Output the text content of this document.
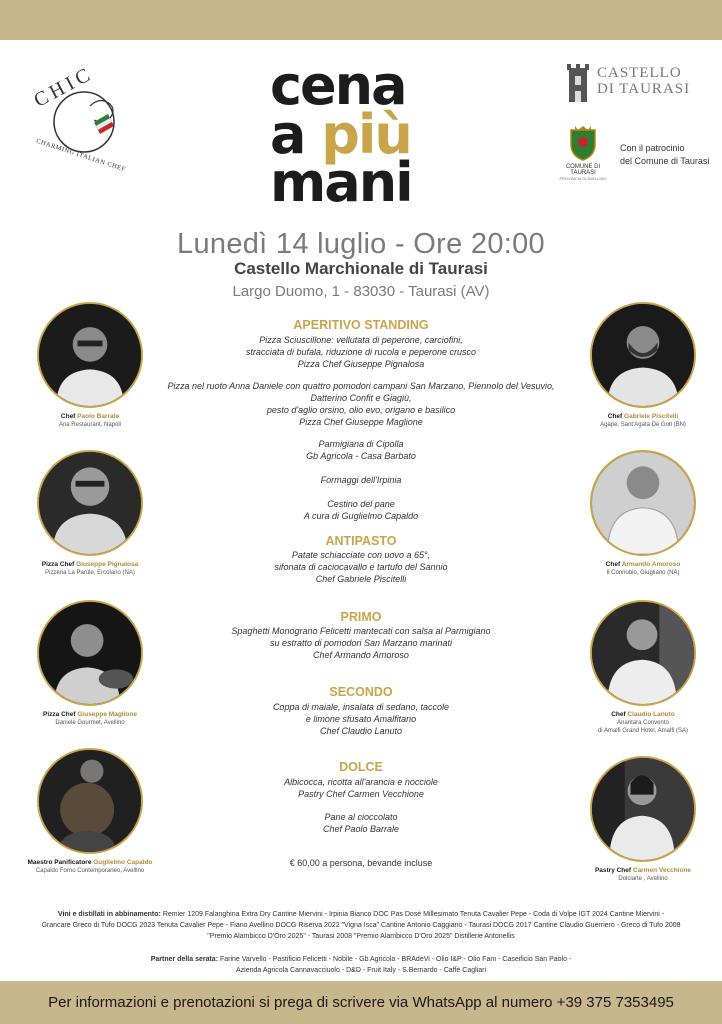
CHIC
CHARMING ITALIAN CHEF
cena
a più
mani
CASTELLO
DI TAURASI
COMUNE DI TAURASI
PROVINCIA DI AVELLINO
Con il patrocinio
del Comune di Taurasi
Lunedì 14 luglio - Ore 20:00
Castello Marchionale di Taurasi
Largo Duomo, 1 - 83030 - Taurasi (AV)
Chef Paolo Barrale
Ana Restaurant, Napoli
Pizza Chef Giuseppe Pignalosa
Pizzeria La Parùle, Ercolano (NA)
Pizza Chef Giuseppe Maglione
Daniele Gourmet, Avellino
Maestro Panificatore Guglielmo Capaldo
Capaldo Forno Contemporaneo, Avellino
Chef Gabriele Piscitelli
Agape, Sant'Agata De Goti (BN)
Chef Armando Amoroso
Il Connubio, Giugliano (NA)
Chef Claudio Lanuto
Anantara Convento
di Amalfi Grand Hotel, Amalfi (SA)
Pastry Chef Carmen Vecchione
Dolciarte , Avellino
APERITIVO STANDING
Pizza Sciuscillone: vellutata di peperone, carciofini,
stracciata di bufala, riduzione di rucola e peperone crusco
Pizza Chef Giuseppe Pignalosa
Pizza nel ruoto Anna Daniele con quattro pomodori campani San Marzano, Piennolo del Vesuvio,
Datterino Confit e Giagiù,
pesto d'aglio orsino, olio evo, origano e basilico
Pizza Chef Giuseppe Maglione
Parmigiana di Cipolla
Gb Agricola - Casa Barbato
Formaggi dell'Irpinia
Cestino del pane
A cura di Guglielmo Capaldo
ANTIPASTO
Patate schiacciate con uovo a 65°,
sifonata di caciocavallo e tartufo del Sannio
Chef Gabriele Piscitelli
PRIMO
Spaghetti Monograno Felicetti mantecati con salsa al Parmigiano
su estratto di pomodori San Marzano marinati
Chef Armando Amoroso
SECONDO
Coppa di maiale, insalata di sedano, taccole
e limone sfusato Amalfitano
Chef Claudio Lanuto
DOLCE
Albicocca, ricotta all'arancia e nocciole
Pastry Chef Carmen Vecchione
Pane al cioccolato
Chef Paolo Barrale
€ 60,00 a persona, bevande incluse
Vini e distillati in abbinamento: Remier 1209 Falanghina Extra Dry Cantine Miervini - Irpinia Bianco DOC Pas Dosè Millesimato Tenuta Cavalier Pepe - Coda di Volpe IGT 2024 Cantine Miervini -
Grancare Greco di Tufo DOCG 2023 Tenuta Cavalier Pepe - Fiano Avellino DOCG Riserva 2022 "Vigna Isca" Cantine Antonio Caggiano - Taurasi DOCG 2017 Cantine Claudio Guerriero - Greco di Tufo 2008
"Premio Alambicco D'Oro 2025" - Taurasi 2008 "Premio Alambicco D'Oro 2025" Distillerie Antonellis
Partner della serata: Farine Varvello - Pastificio Felicetti - Nobile - Gb Agricola - BRAdeVi - Olio I&P - Olio Fam - Caseificio San Paolo -
Azienda Agricola Cannavacciuolo - D&D - Fruit Italy - S.Bernardo - Caffè Cagliari
Per informazioni e prenotazioni si prega di scrivere via WhatsApp al numero +39 375 7353495
